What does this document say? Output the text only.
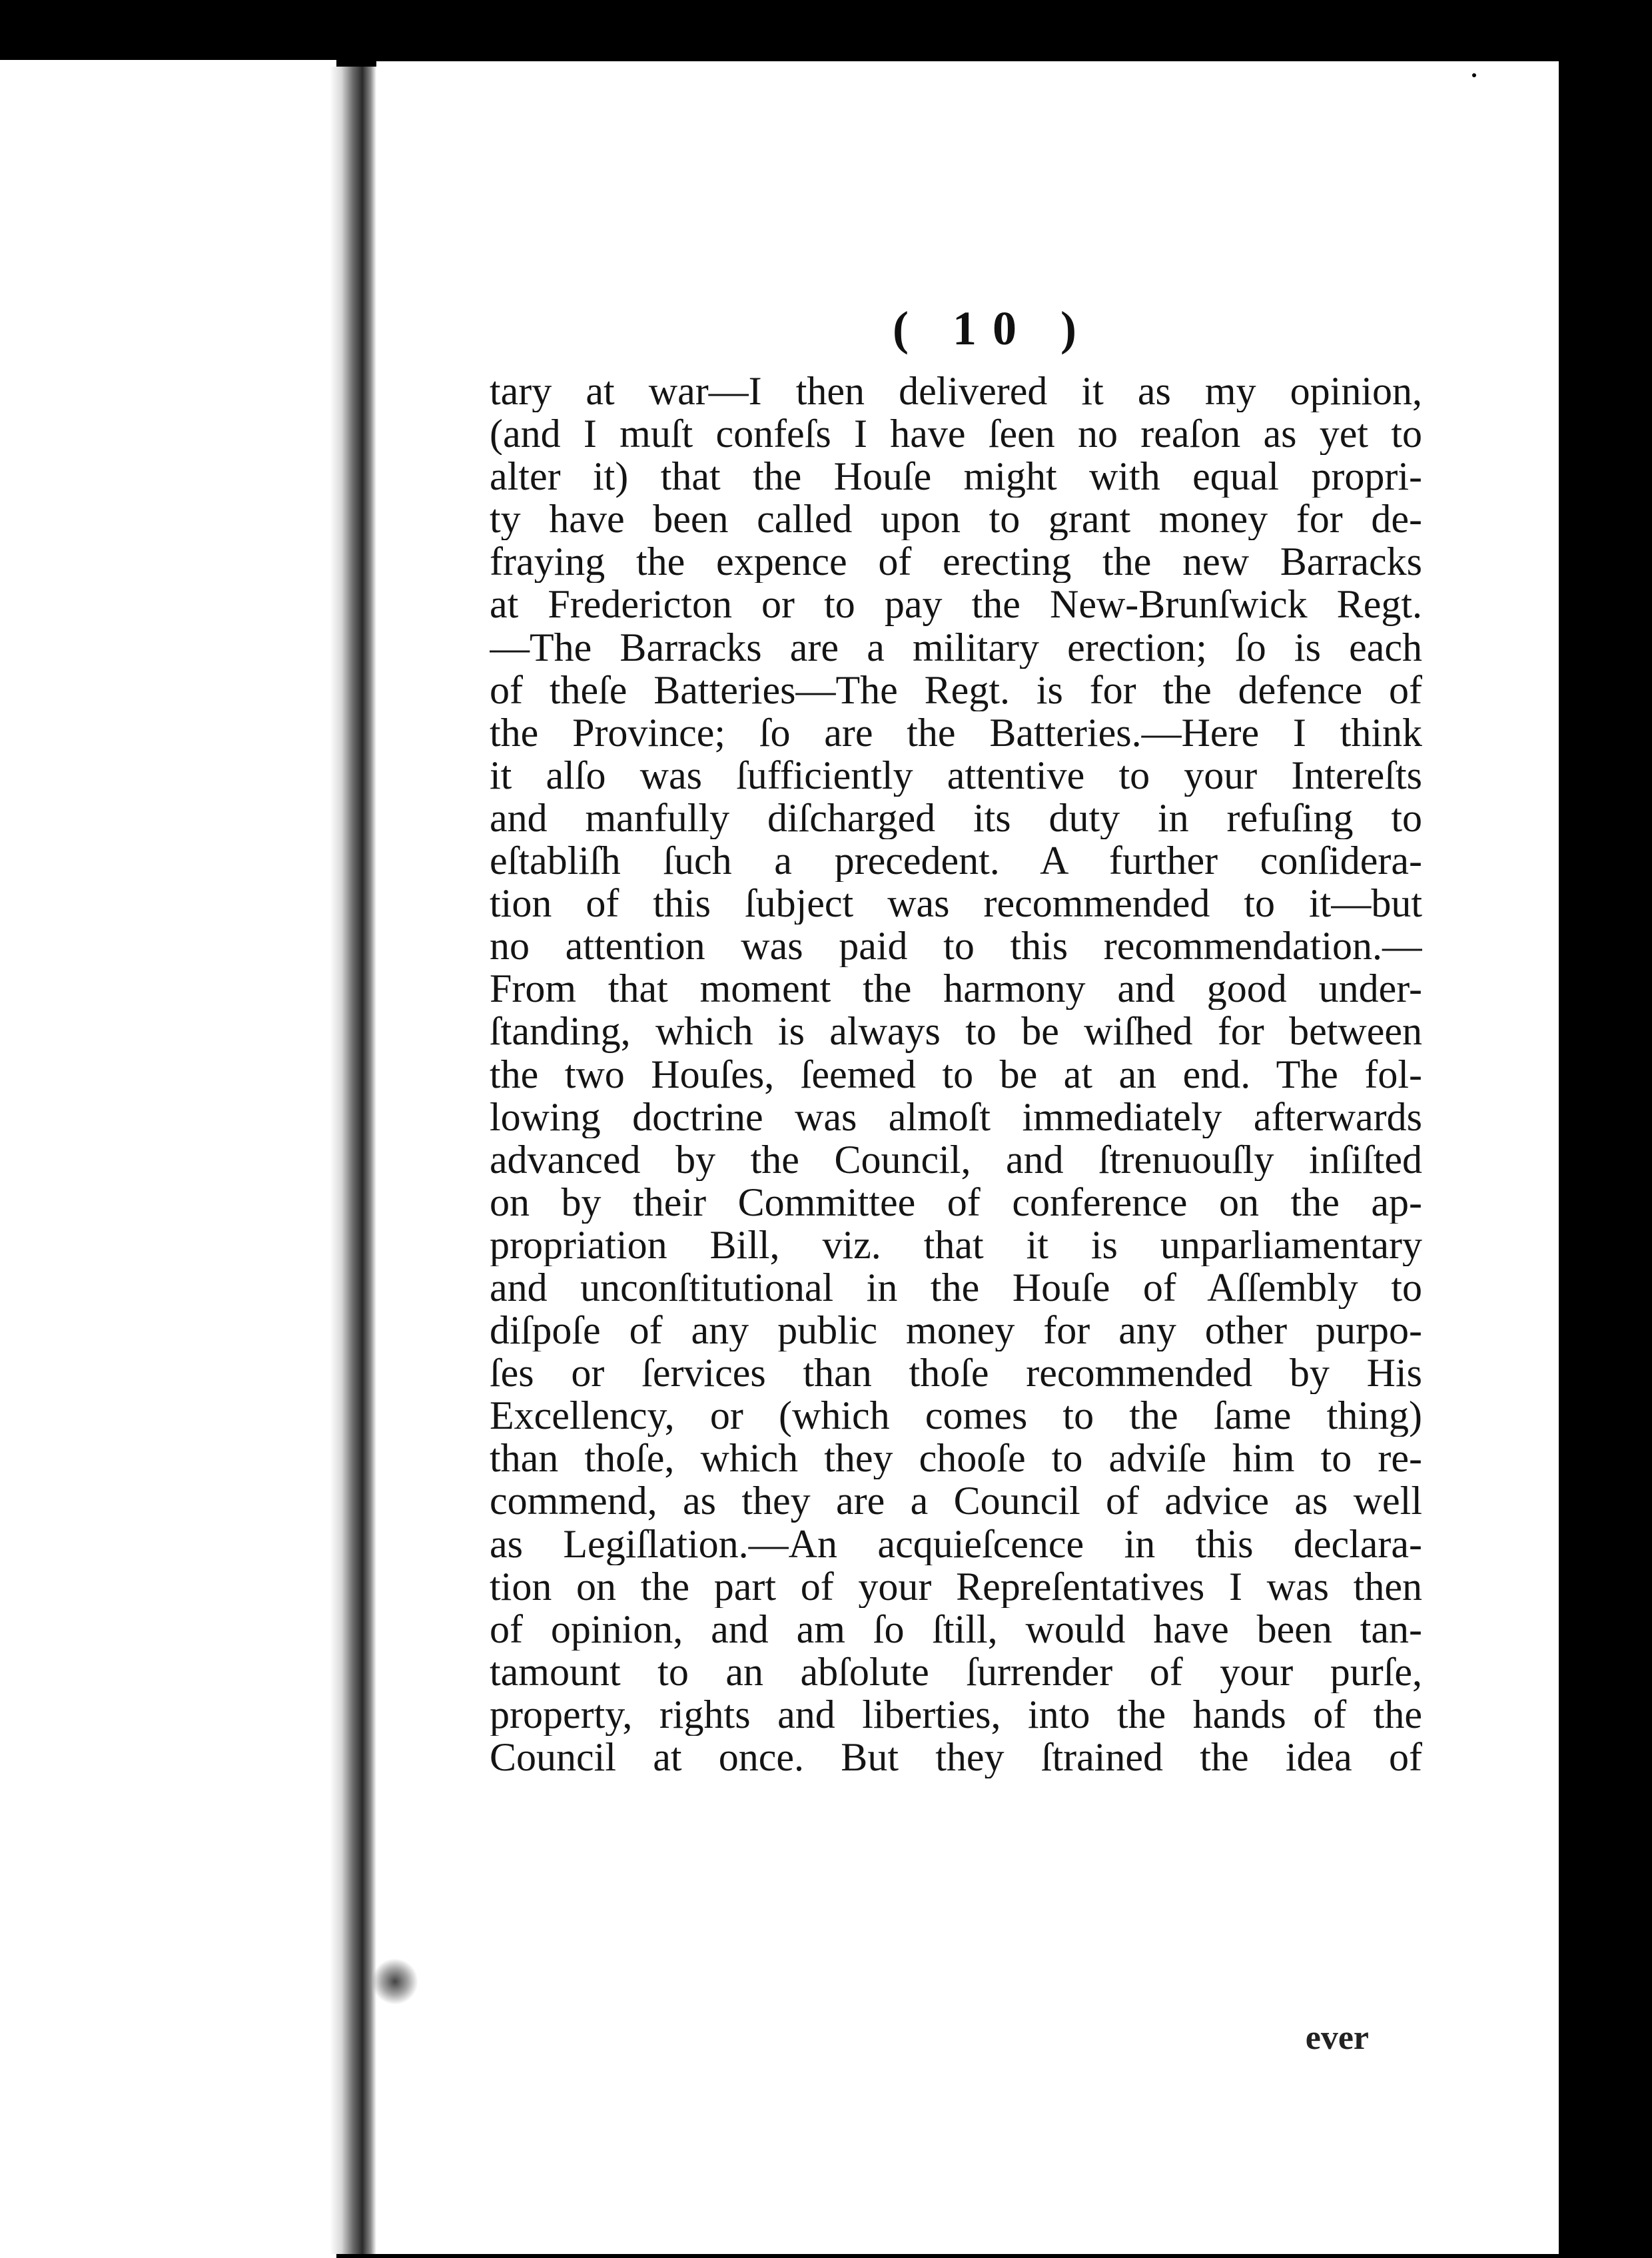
( 10 )
tary at war—I then delivered it as my opinion,
(and I muſt confeſs I have ſeen no reaſon as yet to
alter it) that the Houſe might with equal propri-
ty have been called upon to grant money for de-
fraying the expence of erecting the new Barracks
at Fredericton or to pay the New-Brunſwick Regt.
—The Barracks are a military erection; ſo is each
of theſe Batteries—The Regt. is for the defence of
the Province; ſo are the Batteries.—Here I think
it alſo was ſufficiently attentive to your Intereſts
and manfully diſcharged its duty in refuſing to
eſtabliſh ſuch a precedent. A further conſidera-
tion of this ſubject was recommended to it—but
no attention was paid to this recommendation.—
From that moment the harmony and good under-
ſtanding, which is always to be wiſhed for between
the two Houſes, ſeemed to be at an end. The fol-
lowing doctrine was almoſt immediately afterwards
advanced by the Council, and ſtrenuouſly inſiſted
on by their Committee of conference on the ap-
propriation Bill, viz. that it is unparliamentary
and unconſtitutional in the Houſe of Aſſembly to
diſpoſe of any public money for any other purpo-
ſes or ſervices than thoſe recommended by His
Excellency, or (which comes to the ſame thing)
than thoſe, which they chooſe to adviſe him to re-
commend, as they are a Council of advice as well
as Legiſlation.—An acquieſcence in this declara-
tion on the part of your Repreſentatives I was then
of opinion, and am ſo ſtill, would have been tan-
tamount to an abſolute ſurrender of your purſe,
property, rights and liberties, into the hands of the
Council at once. But they ſtrained the idea of
ever
